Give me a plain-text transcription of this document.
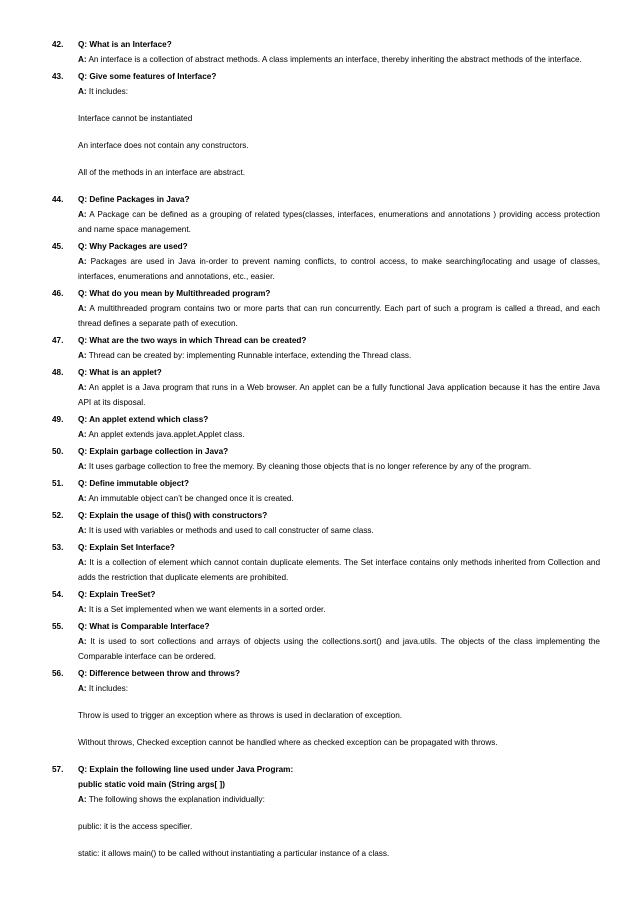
42. Q: What is an Interface?
A: An interface is a collection of abstract methods. A class implements an interface, thereby inheriting the abstract methods of the interface.
43. Q: Give some features of Interface?
A: It includes:
Interface cannot be instantiated
An interface does not contain any constructors.
All of the methods in an interface are abstract.
44. Q: Define Packages in Java?
A: A Package can be defined as a grouping of related types(classes, interfaces, enumerations and annotations ) providing access protection and name space management.
45. Q: Why Packages are used?
A: Packages are used in Java in-order to prevent naming conflicts, to control access, to make searching/locating and usage of classes, interfaces, enumerations and annotations, etc., easier.
46. Q: What do you mean by Multithreaded program?
A: A multithreaded program contains two or more parts that can run concurrently. Each part of such a program is called a thread, and each thread defines a separate path of execution.
47. Q: What are the two ways in which Thread can be created?
A: Thread can be created by: implementing Runnable interface, extending the Thread class.
48. Q: What is an applet?
A: An applet is a Java program that runs in a Web browser. An applet can be a fully functional Java application because it has the entire Java API at its disposal.
49. Q: An applet extend which class?
A: An applet extends java.applet.Applet class.
50. Q: Explain garbage collection in Java?
A: It uses garbage collection to free the memory. By cleaning those objects that is no longer reference by any of the program.
51. Q: Define immutable object?
A: An immutable object can’t be changed once it is created.
52. Q: Explain the usage of this() with constructors?
A: It is used with variables or methods and used to call constructer of same class.
53. Q: Explain Set Interface?
A: It is a collection of element which cannot contain duplicate elements. The Set interface contains only methods inherited from Collection and adds the restriction that duplicate elements are prohibited.
54. Q: Explain TreeSet?
A: It is a Set implemented when we want elements in a sorted order.
55. Q: What is Comparable Interface?
A: It is used to sort collections and arrays of objects using the collections.sort() and java.utils. The objects of the class implementing the Comparable interface can be ordered.
56. Q: Difference between throw and throws?
A: It includes:
Throw is used to trigger an exception where as throws is used in declaration of exception.
Without throws, Checked exception cannot be handled where as checked exception can be propagated with throws.
57. Q: Explain the following line used under Java Program:
public static void main (String args[ ])
A: The following shows the explanation individually:
public: it is the access specifier.
static: it allows main() to be called without instantiating a particular instance of a class.
